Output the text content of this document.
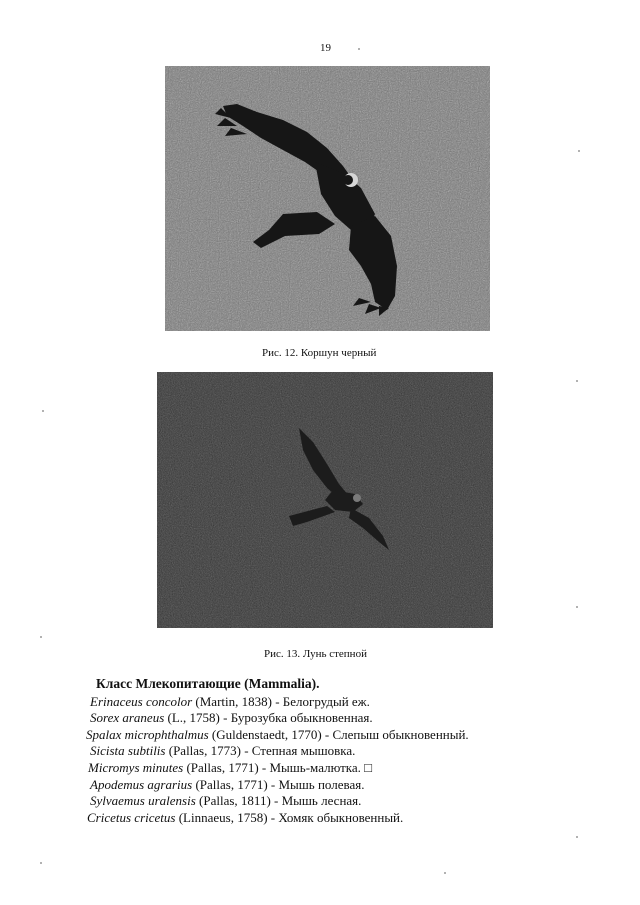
19
Рис. 12. Коршун черный
Рис. 13. Лунь степной
Класс Млекопитающие (Mammalia).
Erinaceus concolor (Martin, 1838) - Белогрудый еж.
Sorex araneus (L., 1758) - Бурозубка обыкновенная.
Spalax microphthalmus (Guldenstaedt, 1770) - Слепыш обыкновенный.
Sicista subtilis (Pallas, 1773) - Степная мышовка.
Micromys minutes (Pallas, 1771) - Мышь-малютка. □
Apodemus agrarius (Pallas, 1771) - Мышь полевая.
Sylvaemus uralensis (Pallas, 1811) - Мышь лесная.
Cricetus cricetus (Linnaeus, 1758) - Хомяк обыкновенный.
